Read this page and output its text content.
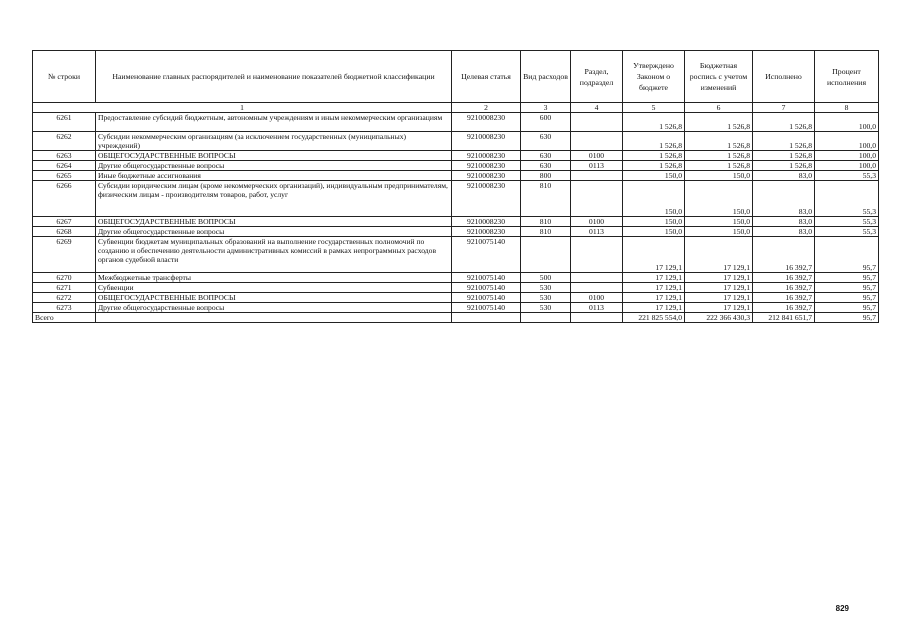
№ строки	Наименование главных распорядителей и наименование показателей бюджетной классификации	Целевая статья	Вид расходов	Раздел, подраздел	Утверждено Законом о бюджете	Бюджетная роспись с учетом изменений	Исполнено	Процент исполнения
1		2	3	4	5	6	7	8
6261	Предоставление субсидий бюджетным, автономным учреждениям и иным некоммерческим организациям	9210008230	600		1 526,8	1 526,8	1 526,8	100,0
6262	Субсидии некоммерческим организациям (за исключением государственных (муниципальных) учреждений)	9210008230	630		1 526,8	1 526,8	1 526,8	100,0
6263	ОБЩЕГОСУДАРСТВЕННЫЕ ВОПРОСЫ	9210008230	630	0100	1 526,8	1 526,8	1 526,8	100,0
6264	Другие общегосударственные вопросы	9210008230	630	0113	1 526,8	1 526,8	1 526,8	100,0
6265	Иные бюджетные ассигнования	9210008230	800		150,0	150,0	83,0	55,3
6266	Субсидии юридическим лицам (кроме некоммерческих организаций), индивидуальным предпринимателям, физическим лицам - производителям товаров, работ, услуг	9210008230	810		150,0	150,0	83,0	55,3
6267	ОБЩЕГОСУДАРСТВЕННЫЕ ВОПРОСЫ	9210008230	810	0100	150,0	150,0	83,0	55,3
6268	Другие общегосударственные вопросы	9210008230	810	0113	150,0	150,0	83,0	55,3
6269	Субвенции бюджетам муниципальных образований на выполнение государственных полномочий по созданию и обеспечению деятельности административных комиссий в рамках непрограммных расходов органов судебной власти	9210075140			17 129,1	17 129,1	16 392,7	95,7
6270	Межбюджетные трансферты	9210075140	500		17 129,1	17 129,1	16 392,7	95,7
6271	Субвенции	9210075140	530		17 129,1	17 129,1	16 392,7	95,7
6272	ОБЩЕГОСУДАРСТВЕННЫЕ ВОПРОСЫ	9210075140	530	0100	17 129,1	17 129,1	16 392,7	95,7
6273	Другие общегосударственные вопросы	9210075140	530	0113	17 129,1	17 129,1	16 392,7	95,7
Всего					221 825 554,0	222 366 430,3	212 841 651,7	95,7
829
